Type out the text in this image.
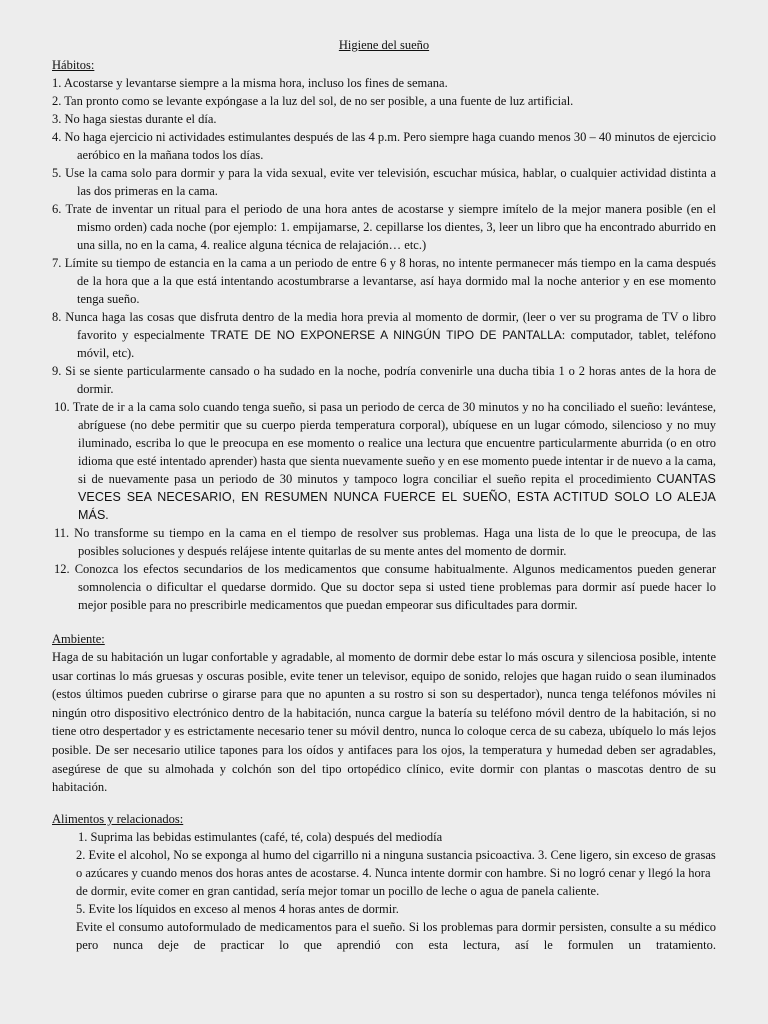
Higiene del sueño
Hábitos:
1. Acostarse y levantarse siempre a la misma hora, incluso los fines de semana.
2. Tan pronto como se levante expóngase a la luz del sol, de no ser posible, a una fuente de luz artificial.
3. No haga siestas durante el día.
4. No haga ejercicio ni actividades estimulantes después de las 4 p.m. Pero siempre haga cuando menos 30 – 40 minutos de ejercicio aeróbico en la mañana todos los días.
5. Use la cama solo para dormir y para la vida sexual, evite ver televisión, escuchar música, hablar, o cualquier actividad distinta a las dos primeras en la cama.
6. Trate de inventar un ritual para el periodo de una hora antes de acostarse y siempre imítelo de la mejor manera posible (en el mismo orden) cada noche (por ejemplo: 1. empijamarse, 2. cepillarse los dientes, 3, leer un libro que ha encontrado aburrido en una silla, no en la cama, 4. realice alguna técnica de relajación… etc.)
7. Límite su tiempo de estancia en la cama a un periodo de entre 6 y 8 horas, no intente permanecer más tiempo en la cama después de la hora que a la que está intentando acostumbrarse a levantarse, así haya dormido mal la noche anterior y en ese momento tenga sueño.
8. Nunca haga las cosas que disfruta dentro de la media hora previa al momento de dormir, (leer o ver su programa de TV o libro favorito y especialmente TRATE DE NO EXPONERSE A NINGÚN TIPO DE PANTALLA: computador, tablet, teléfono móvil, etc).
9. Si se siente particularmente cansado o ha sudado en la noche, podría convenirle una ducha tibia 1 o 2 horas antes de la hora de dormir.
10. Trate de ir a la cama solo cuando tenga sueño, si pasa un periodo de cerca de 30 minutos y no ha conciliado el sueño: levántese, abríguese (no debe permitir que su cuerpo pierda temperatura corporal), ubíquese en un lugar cómodo, silencioso y no muy iluminado, escriba lo que le preocupa en ese momento o realice una lectura que encuentre particularmente aburrida (o en otro idioma que esté intentado aprender) hasta que sienta nuevamente sueño y en ese momento puede intentar ir de nuevo a la cama, si de nuevamente pasa un periodo de 30 minutos y tampoco logra conciliar el sueño repita el procedimiento CUANTAS VECES SEA NECESARIO, EN RESUMEN NUNCA FUERCE EL SUEÑO, ESTA ACTITUD SOLO LO ALEJA MÁS.
11. No transforme su tiempo en la cama en el tiempo de resolver sus problemas. Haga una lista de lo que le preocupa, de las posibles soluciones y después relájese intente quitarlas de su mente antes del momento de dormir.
12. Conozca los efectos secundarios de los medicamentos que consume habitualmente. Algunos medicamentos pueden generar somnolencia o dificultar el quedarse dormido. Que su doctor sepa si usted tiene problemas para dormir así puede hacer lo mejor posible para no prescribirle medicamentos que puedan empeorar sus dificultades para dormir.
Ambiente:

Haga de su habitación un lugar confortable y agradable, al momento de dormir debe estar lo más oscura y silenciosa posible, intente usar cortinas lo más gruesas y oscuras posible, evite tener un televisor, equipo de sonido, relojes que hagan ruido o sean iluminados (estos últimos pueden cubrirse o girarse para que no apunten a su rostro si son su despertador), nunca tenga teléfonos móviles ni ningún otro dispositivo electrónico dentro de la habitación, nunca cargue la batería su teléfono móvil dentro de la habitación, si no tiene otro despertador y es estrictamente necesario tener su móvil dentro, nunca lo coloque cerca de su cabeza, ubíquelo lo más lejos posible. De ser necesario utilice tapones para los oídos y antifaces para los ojos, la temperatura y humedad deben ser agradables, asegúrese de que su almohada y colchón son del tipo ortopédico clínico, evite dormir con plantas o mascotas dentro de su habitación.

Alimentos y relacionados:

1. Suprima las bebidas estimulantes (café, té, cola) después del mediodía

2. Evite el alcohol, No se exponga al humo del cigarrillo ni a ninguna sustancia psicoactiva. 3. Cene ligero, sin exceso de grasas o azúcares y cuando menos dos horas antes de acostarse. 4. Nunca intente dormir con hambre. Si no logró cenar y llegó la hora de dormir, evite comer en gran cantidad, sería mejor tomar un pocillo de leche o agua de panela caliente.

5. Evite los líquidos en exceso al menos 4 horas antes de dormir.

Evite el consumo autoformulado de medicamentos para el sueño. Si los problemas para dormir persisten, consulte a su médico pero nunca deje de practicar lo que aprendió con esta lectura, así le formulen un tratamiento.
